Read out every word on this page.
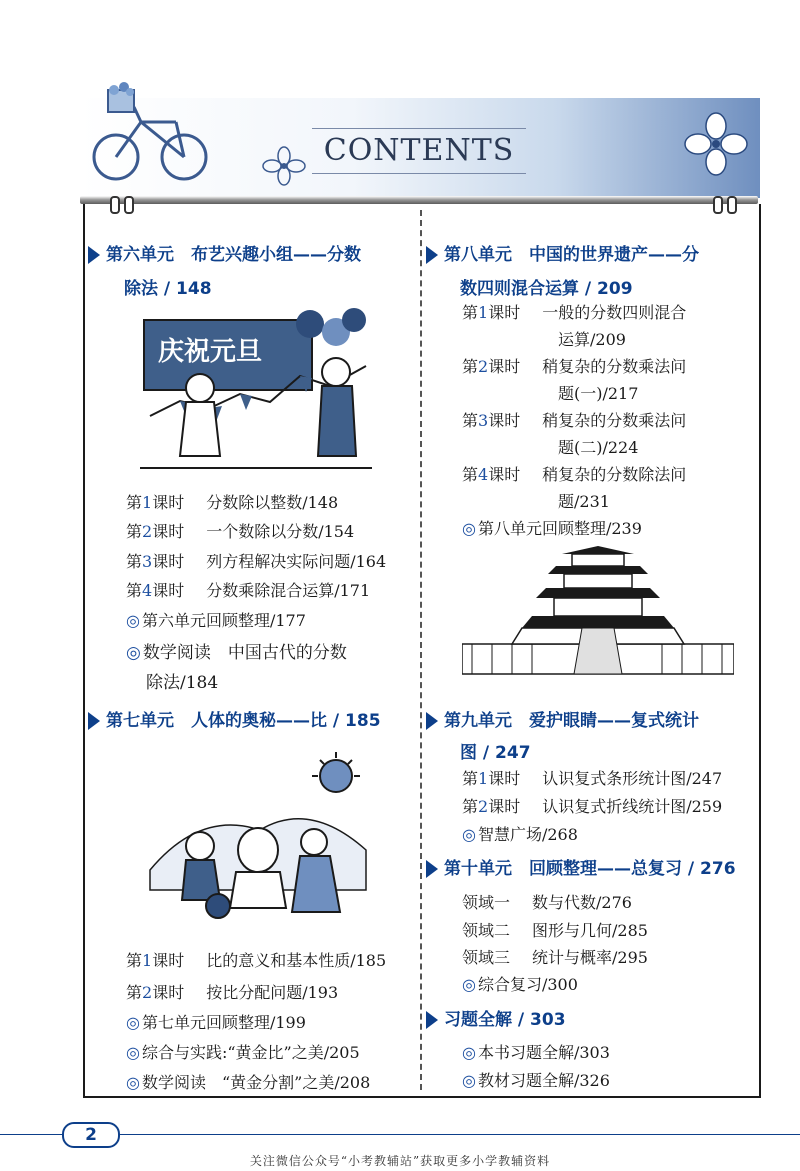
CONTENTS
第六单元　布艺兴趣小组——分数
除法 / 148
庆祝元旦
第1课时 分数除以整数/148
第2课时 一个数除以分数/154
第3课时 列方程解决实际问题/164
第4课时 分数乘除混合运算/171
◎ 第六单元回顾整理/177
◎ 数学阅读　中国古代的分数
除法/184
第七单元　人体的奥秘——比 / 185
第1课时 比的意义和基本性质/185
第2课时 按比分配问题/193
◎ 第七单元回顾整理/199
◎ 综合与实践:“黄金比”之美/205
◎ 数学阅读　“黄金分割”之美/208
第八单元　中国的世界遗产——分
数四则混合运算 / 209
第1课时 一般的分数四则混合
运算/209
第2课时 稍复杂的分数乘法问
题(一)/217
第3课时 稍复杂的分数乘法问
题(二)/224
第4课时 稍复杂的分数除法问
题/231
◎ 第八单元回顾整理/239
第九单元　爱护眼睛——复式统计
图 / 247
第1课时 认识复式条形统计图/247
第2课时 认识复式折线统计图/259
◎ 智慧广场/268
第十单元　回顾整理——总复习 / 276
领域一 数与代数/276
领域二 图形与几何/285
领域三 统计与概率/295
◎ 综合复习/300
习题全解 / 303
◎ 本书习题全解/303
◎ 教材习题全解/326
2
关注微信公众号“小考教辅站”获取更多小学教辅资料
